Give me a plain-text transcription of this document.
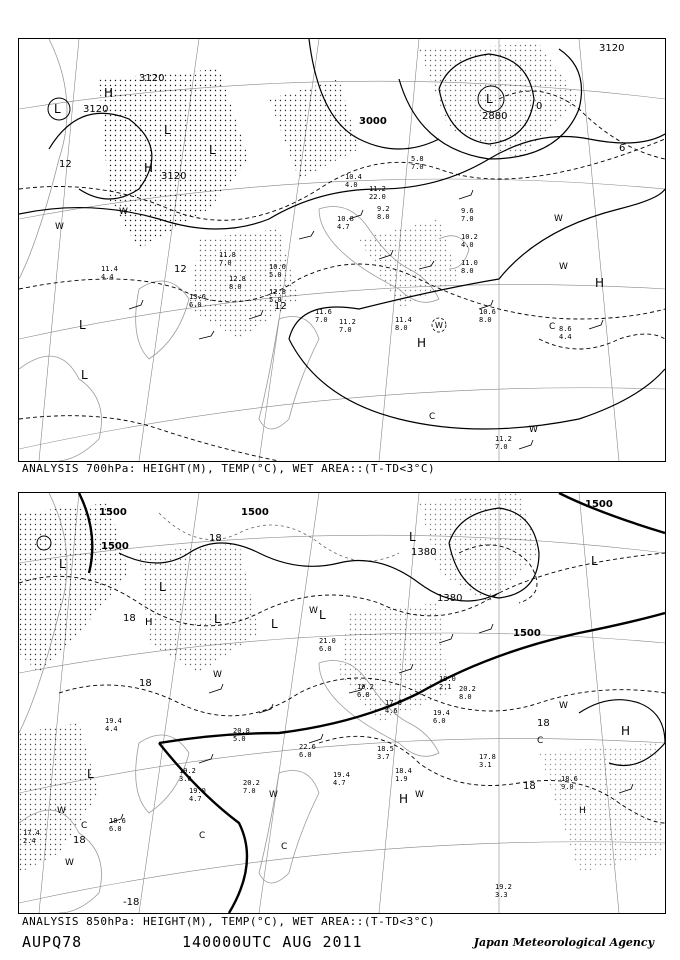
L
H
L
L
H
L
L
L
H
H
W
W
W
W
W
W
C
C
3120
3120
3120
3120
3000	2880
12
12
12
6
0
11.4
4.4
13.6
6.0
11.8
7.0
12.8
8.0
10.6
5.0
12.8
5.0
11.6
7.0 11.2
7.0
11.4
8.0
10.6
8.0
8.6
4.4
11.2
7.0
10.2
4.0
11.0
8.0
11.2
22.0
10.4
4.0
9.2
8.0
5.8
7.0
9.6
7.0
10.8
4.7
ANALYSIS 700hPa: HEIGHT(M), TEMP(°C), WET AREA::(T-TD<3°C)
L
L
L
H	L
L
L
L
L
H
H
H
W
W
W
W
W
W
W
C
C
C
C
1500
1500
1500
1500
1500
1380
1380
18
18
18
18
18
18
-18
19.4
4.4
18.6
6.0
17.4
2.4
19.2
3.0
19.0
4.7
20.2
7.0
22.6
6.0
19.4
4.7
18.5
3.7
18.4
1.9
17.8
3.1
18.6
9.0
19.2
3.3
19.4
6.0
20.2
8.0
19.0
2.1
17.6
4.6
20.8
5.0
21.0
6.0
19.2
6.8
ANALYSIS 850hPa: HEIGHT(M), TEMP(°C), WET AREA::(T-TD<3°C)
AUPQ78	140000UTC AUG 2011	Japan Meteorological Agency
